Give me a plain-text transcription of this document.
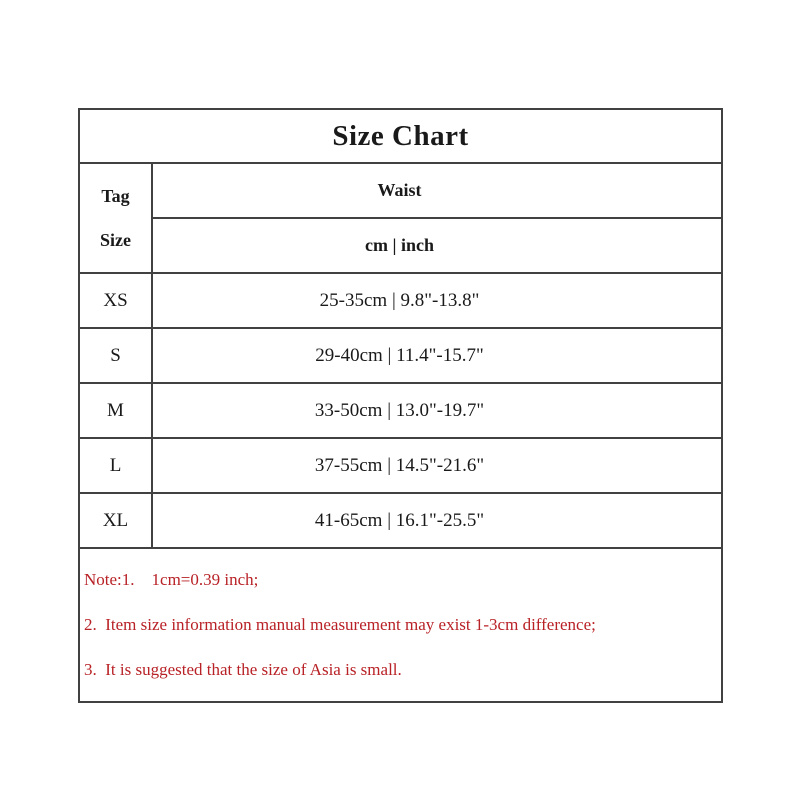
Size Chart
Tag
Size
Waist
cm | inch
XS	25-35cm | 9.8"-13.8"
S	29-40cm | 11.4"-15.7"
M	33-50cm | 13.0"-19.7"
L	37-55cm | 14.5"-21.6"
XL	41-65cm | 16.1"-25.5"
Note:1.    1cm=0.39 inch;
2.  Item size information manual measurement may exist 1-3cm difference;
3.  It is suggested that the size of Asia is small.
